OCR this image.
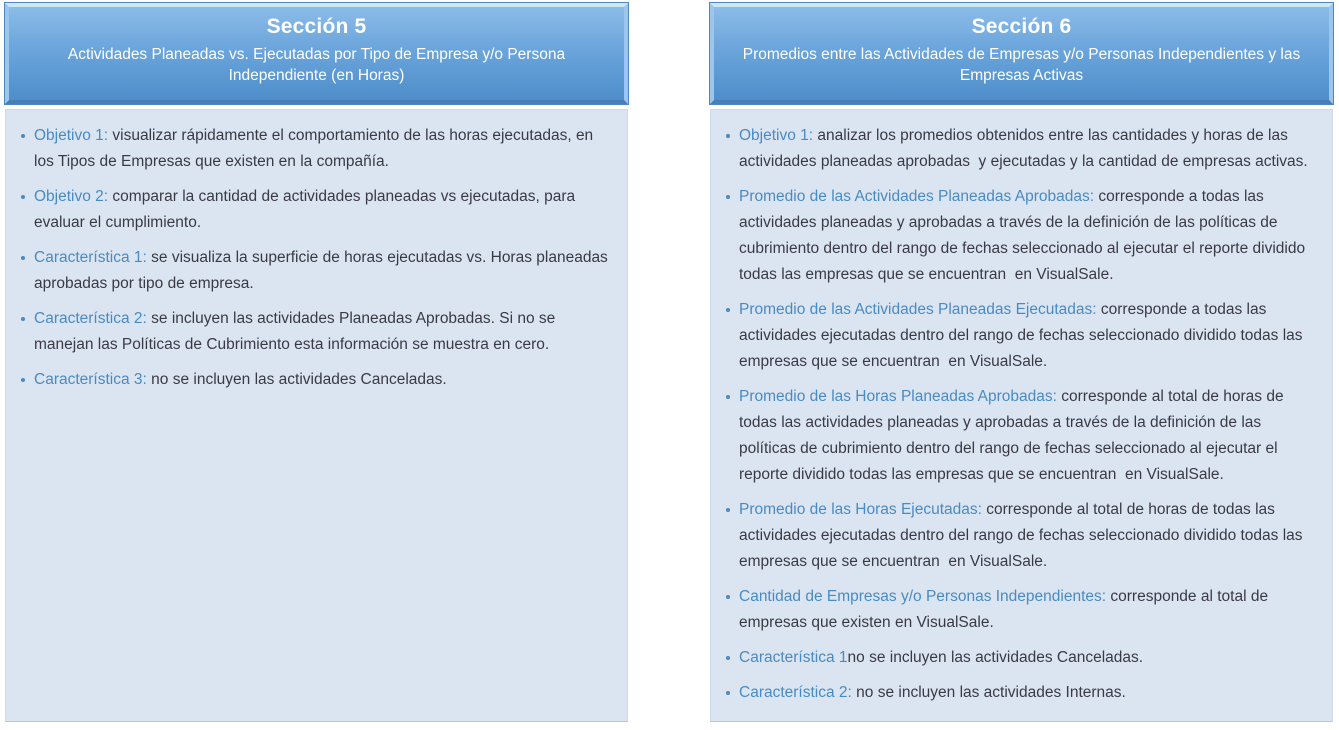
Sección 5

Actividades Planeadas vs. Ejecutadas por Tipo de Empresa y/o Persona Independiente (en Horas)

Objetivo 1: visualizar rápidamente el comportamiento de las horas ejecutadas, en los Tipos de Empresas que existen en la compañía.
Objetivo 2: comparar la cantidad de actividades planeadas vs ejecutadas, para evaluar el cumplimiento.
Característica 1: se visualiza la superficie de horas ejecutadas vs. Horas planeadas aprobadas por tipo de empresa.
Característica 2: se incluyen las actividades Planeadas Aprobadas. Si no se manejan las Políticas de Cubrimiento esta información se muestra en cero.
Característica 3: no se incluyen las actividades Canceladas.
Sección 6

Promedios entre las Actividades de Empresas y/o Personas Independientes y las Empresas Activas

Objetivo 1: analizar los promedios obtenidos entre las cantidades y horas de las actividades planeadas aprobadas  y ejecutadas y la cantidad de empresas activas.
Promedio de las Actividades Planeadas Aprobadas: corresponde a todas las actividades planeadas y aprobadas a través de la definición de las políticas de cubrimiento dentro del rango de fechas seleccionado al ejecutar el reporte dividido todas las empresas que se encuentran  en VisualSale.
Promedio de las Actividades Planeadas Ejecutadas: corresponde a todas las actividades ejecutadas dentro del rango de fechas seleccionado dividido todas las empresas que se encuentran  en VisualSale.
Promedio de las Horas Planeadas Aprobadas: corresponde al total de horas de todas las actividades planeadas y aprobadas a través de la definición de las políticas de cubrimiento dentro del rango de fechas seleccionado al ejecutar el reporte dividido todas las empresas que se encuentran  en VisualSale.
Promedio de las Horas Ejecutadas: corresponde al total de horas de todas las actividades ejecutadas dentro del rango de fechas seleccionado dividido todas las empresas que se encuentran  en VisualSale.
Cantidad de Empresas y/o Personas Independientes: corresponde al total de empresas que existen en VisualSale.
Característica 1no se incluyen las actividades Canceladas.
Característica 2: no se incluyen las actividades Internas.
